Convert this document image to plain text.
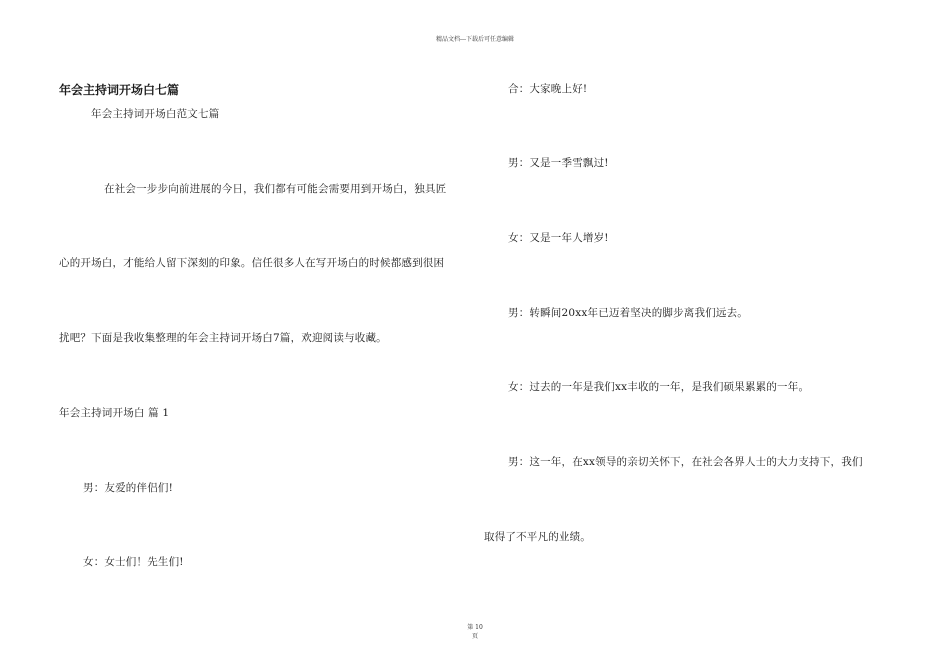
精品文档---下载后可任意编辑
年会主持词开场白七篇
年会主持词开场白范文七篇
在社会一步步向前进展的今日，我们都有可能会需要用到开场白，独具匠
心的开场白，才能给人留下深刻的印象。信任很多人在写开场白的时候都感到很困
扰吧？下面是我收集整理的年会主持词开场白7篇，欢迎阅读与收藏。
年会主持词开场白 篇 1
男：友爱的伴侣们!
女：女士们！先生们!
合：大家晚上好!
男：又是一季雪飘过!
女：又是一年人增岁!
男：转瞬间20xx年已迈着坚决的脚步离我们远去。
女：过去的一年是我们xx丰收的一年，是我们硕果累累的一年。
男：这一年，在xx领导的亲切关怀下，在社会各界人士的大力支持下，我们
取得了不平凡的业绩。
第 10
页
